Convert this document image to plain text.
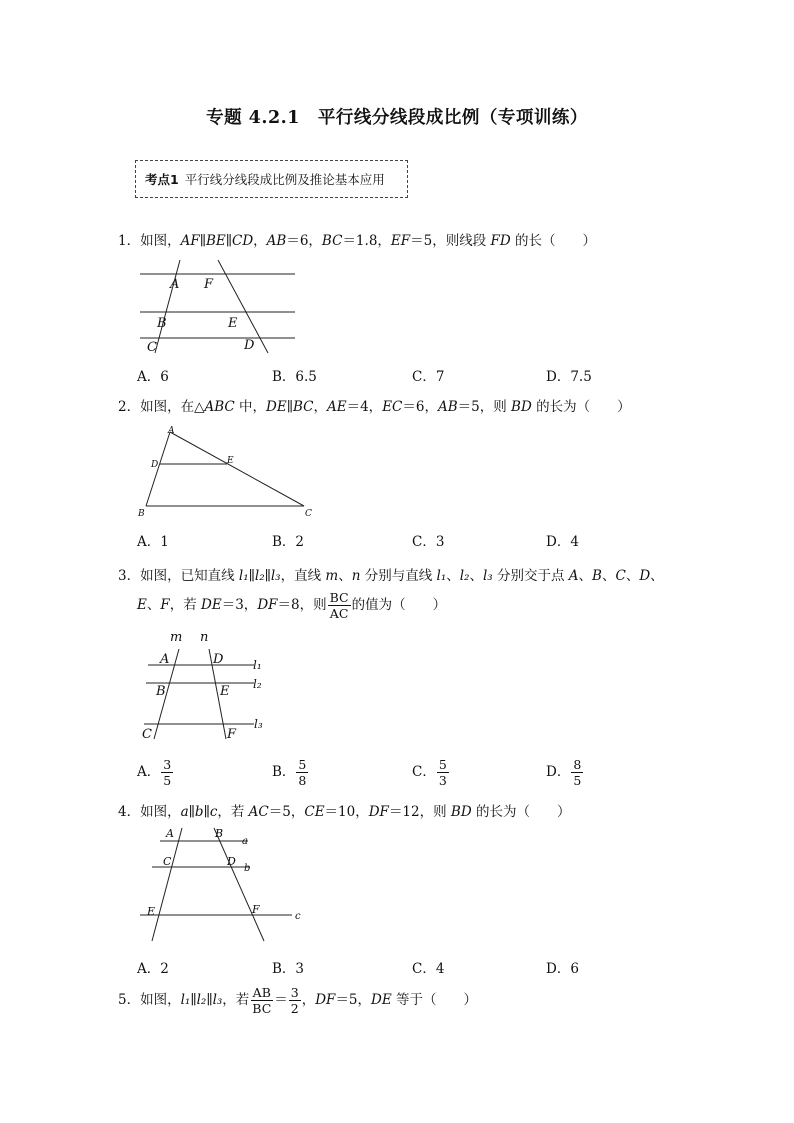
专题 4.2.1 平行线分线段成比例（专项训练）
考点1 平行线分线段成比例及推论基本应用
1．如图，AF∥BE∥CD，AB＝6，BC＝1.8，EF＝5，则线段 FD 的长（　　）
A F
B	E
C	D
A．6	B．6.5	C．7	D．7.5
2．如图，在△ABC 中，DE∥BC，AE＝4，EC＝6，AB＝5，则 BD 的长为（　　）
A
D	E
B	C
A．1	B．2	C．3	D．4
3．如图，已知直线 l₁∥l₂∥l₃，直线 m、n 分别与直线 l₁、l₂、l₃ 分别交于点 A、B、C、D、
E、F，若 DE＝3，DF＝8，则 $\frac{BC}{AC}$ 的值为（　　）
m n
A	D l₁
B	E l₂
l₃
C	F
A． $\frac{3}{5}$	B． $\frac{5}{8}$	C． $\frac{5}{3}$	D． $\frac{8}{5}$
4．如图，a∥b∥c，若 AC＝5，CE＝10，DF＝12，则 BD 的长为（　　）
A	B
a
C	D
b
E	F
c
A．2	B．3	C．4	D．6
5．如图，l₁∥l₂∥l₃，若 $\frac{AB}{BC} = \frac{3}{2}$ ，DF＝5，DE 等于（　　）
